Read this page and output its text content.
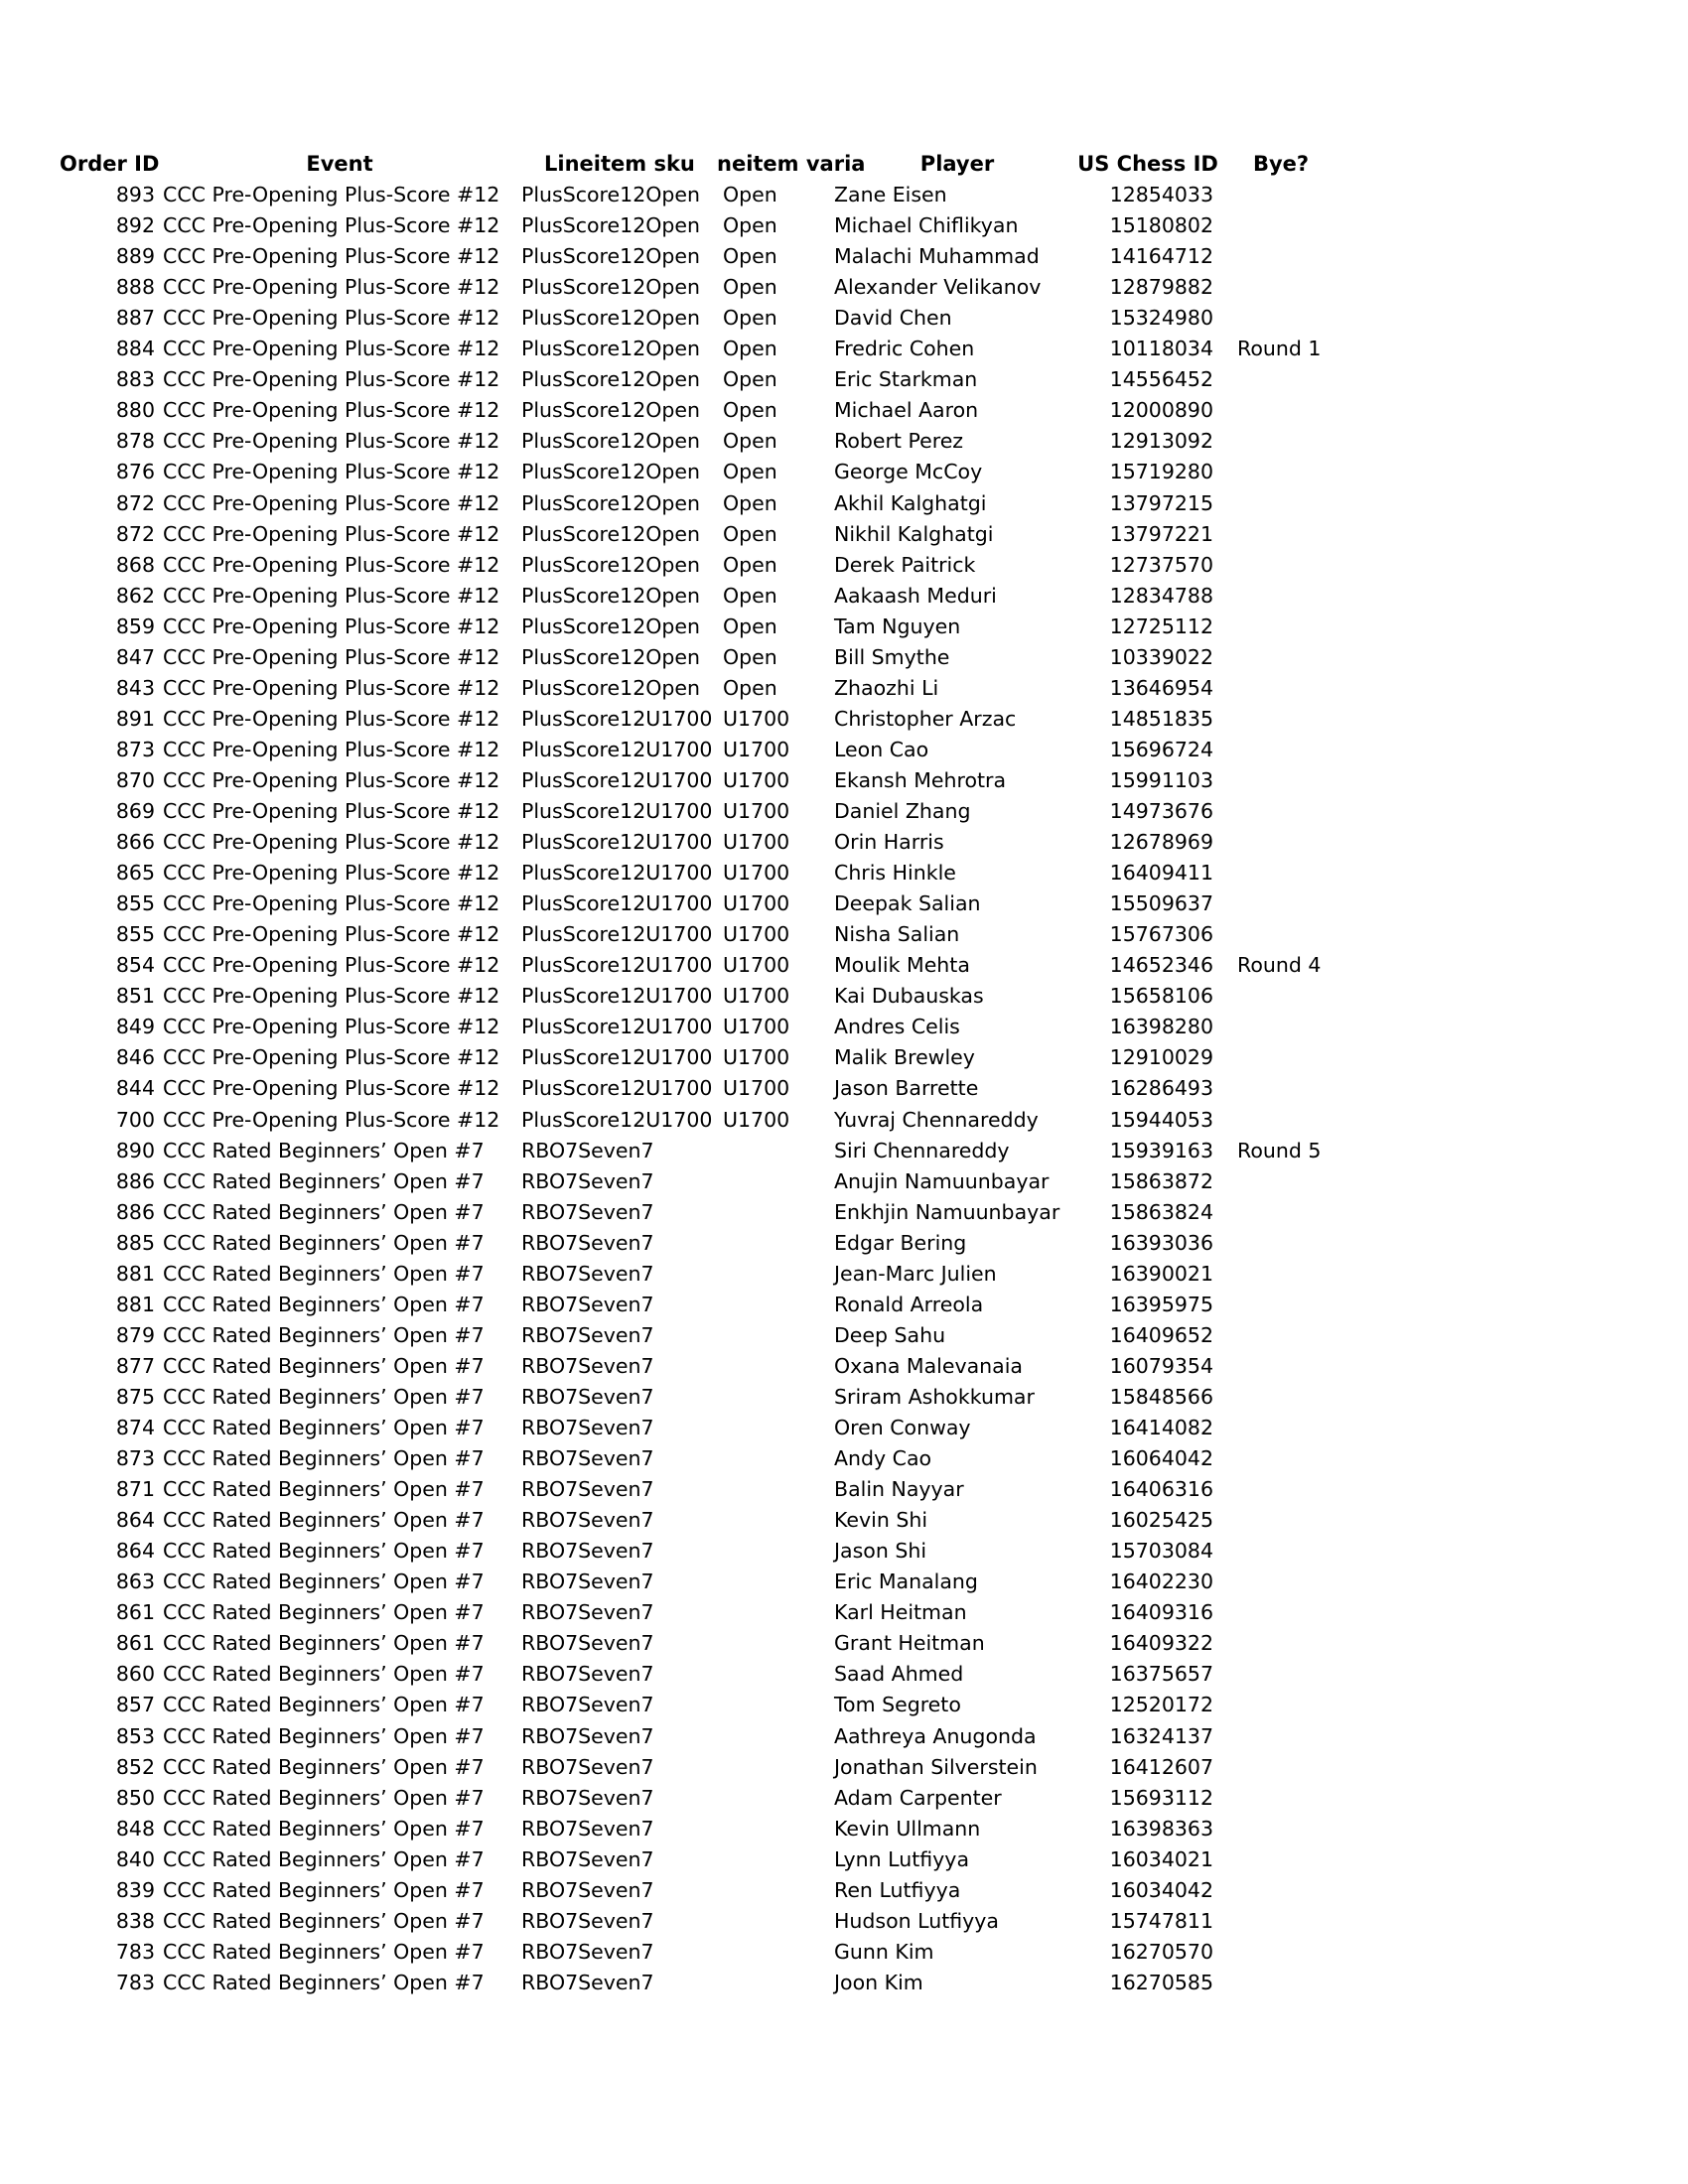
Order ID	Event	Lineitem sku neitem varia	Player	US Chess ID	Bye?
893 CCC Pre-Opening Plus-Score #12	PlusScore12Open	Open	Zane Eisen	12854033
892 CCC Pre-Opening Plus-Score #12	PlusScore12Open	Open	Michael Chiflikyan	15180802
889 CCC Pre-Opening Plus-Score #12	PlusScore12Open	Open	Malachi Muhammad	14164712
888 CCC Pre-Opening Plus-Score #12	PlusScore12Open	Open	Alexander Velikanov	12879882
887 CCC Pre-Opening Plus-Score #12	PlusScore12Open	Open	David Chen	15324980
884 CCC Pre-Opening Plus-Score #12	PlusScore12Open	Open	Fredric Cohen	10118034 Round 1
883 CCC Pre-Opening Plus-Score #12	PlusScore12Open	Open	Eric Starkman	14556452
880 CCC Pre-Opening Plus-Score #12	PlusScore12Open	Open	Michael Aaron	12000890
878 CCC Pre-Opening Plus-Score #12	PlusScore12Open	Open	Robert Perez	12913092
876 CCC Pre-Opening Plus-Score #12	PlusScore12Open	Open	George McCoy	15719280
872 CCC Pre-Opening Plus-Score #12	PlusScore12Open	Open	Akhil Kalghatgi	13797215
872 CCC Pre-Opening Plus-Score #12	PlusScore12Open	Open	Nikhil Kalghatgi	13797221
868 CCC Pre-Opening Plus-Score #12	PlusScore12Open	Open	Derek Paitrick	12737570
862 CCC Pre-Opening Plus-Score #12	PlusScore12Open	Open	Aakaash Meduri	12834788
859 CCC Pre-Opening Plus-Score #12	PlusScore12Open	Open	Tam Nguyen	12725112
847 CCC Pre-Opening Plus-Score #12	PlusScore12Open	Open	Bill Smythe	10339022
843 CCC Pre-Opening Plus-Score #12	PlusScore12Open	Open	Zhaozhi Li	13646954
891 CCC Pre-Opening Plus-Score #12	PlusScore12U1700 U1700	Christopher Arzac	14851835
873 CCC Pre-Opening Plus-Score #12	PlusScore12U1700 U1700	Leon Cao	15696724
870 CCC Pre-Opening Plus-Score #12	PlusScore12U1700 U1700	Ekansh Mehrotra	15991103
869 CCC Pre-Opening Plus-Score #12	PlusScore12U1700 U1700	Daniel Zhang	14973676
866 CCC Pre-Opening Plus-Score #12	PlusScore12U1700 U1700	Orin Harris	12678969
865 CCC Pre-Opening Plus-Score #12	PlusScore12U1700 U1700	Chris Hinkle	16409411
855 CCC Pre-Opening Plus-Score #12	PlusScore12U1700 U1700	Deepak Salian	15509637
855 CCC Pre-Opening Plus-Score #12	PlusScore12U1700 U1700	Nisha Salian	15767306
854 CCC Pre-Opening Plus-Score #12	PlusScore12U1700 U1700	Moulik Mehta	14652346 Round 4
851 CCC Pre-Opening Plus-Score #12	PlusScore12U1700 U1700	Kai Dubauskas	15658106
849 CCC Pre-Opening Plus-Score #12	PlusScore12U1700 U1700	Andres Celis	16398280
846 CCC Pre-Opening Plus-Score #12	PlusScore12U1700 U1700	Malik Brewley	12910029
844 CCC Pre-Opening Plus-Score #12	PlusScore12U1700 U1700	Jason Barrette	16286493
700 CCC Pre-Opening Plus-Score #12	PlusScore12U1700 U1700	Yuvraj Chennareddy	15944053
890 CCC Rated Beginners’ Open #7	RBO7Seven7	Siri Chennareddy	15939163 Round 5
886 CCC Rated Beginners’ Open #7	RBO7Seven7	Anujin Namuunbayar	15863872
886 CCC Rated Beginners’ Open #7	RBO7Seven7	Enkhjin Namuunbayar	15863824
885 CCC Rated Beginners’ Open #7	RBO7Seven7	Edgar Bering	16393036
881 CCC Rated Beginners’ Open #7	RBO7Seven7	Jean-Marc Julien	16390021
881 CCC Rated Beginners’ Open #7	RBO7Seven7	Ronald Arreola	16395975
879 CCC Rated Beginners’ Open #7	RBO7Seven7	Deep Sahu	16409652
877 CCC Rated Beginners’ Open #7	RBO7Seven7	Oxana Malevanaia	16079354
875 CCC Rated Beginners’ Open #7	RBO7Seven7	Sriram Ashokkumar	15848566
874 CCC Rated Beginners’ Open #7	RBO7Seven7	Oren Conway	16414082
873 CCC Rated Beginners’ Open #7	RBO7Seven7	Andy Cao	16064042
871 CCC Rated Beginners’ Open #7	RBO7Seven7	Balin Nayyar	16406316
864 CCC Rated Beginners’ Open #7	RBO7Seven7	Kevin Shi	16025425
864 CCC Rated Beginners’ Open #7	RBO7Seven7	Jason Shi	15703084
863 CCC Rated Beginners’ Open #7	RBO7Seven7	Eric Manalang	16402230
861 CCC Rated Beginners’ Open #7	RBO7Seven7	Karl Heitman	16409316
861 CCC Rated Beginners’ Open #7	RBO7Seven7	Grant Heitman	16409322
860 CCC Rated Beginners’ Open #7	RBO7Seven7	Saad Ahmed	16375657
857 CCC Rated Beginners’ Open #7	RBO7Seven7	Tom Segreto	12520172
853 CCC Rated Beginners’ Open #7	RBO7Seven7	Aathreya Anugonda	16324137
852 CCC Rated Beginners’ Open #7	RBO7Seven7	Jonathan Silverstein	16412607
850 CCC Rated Beginners’ Open #7	RBO7Seven7	Adam Carpenter	15693112
848 CCC Rated Beginners’ Open #7	RBO7Seven7	Kevin Ullmann	16398363
840 CCC Rated Beginners’ Open #7	RBO7Seven7	Lynn Lutfiyya	16034021
839 CCC Rated Beginners’ Open #7	RBO7Seven7	Ren Lutfiyya	16034042
838 CCC Rated Beginners’ Open #7	RBO7Seven7	Hudson Lutfiyya	15747811
783 CCC Rated Beginners’ Open #7	RBO7Seven7	Gunn Kim	16270570
783 CCC Rated Beginners’ Open #7	RBO7Seven7	Joon Kim	16270585
